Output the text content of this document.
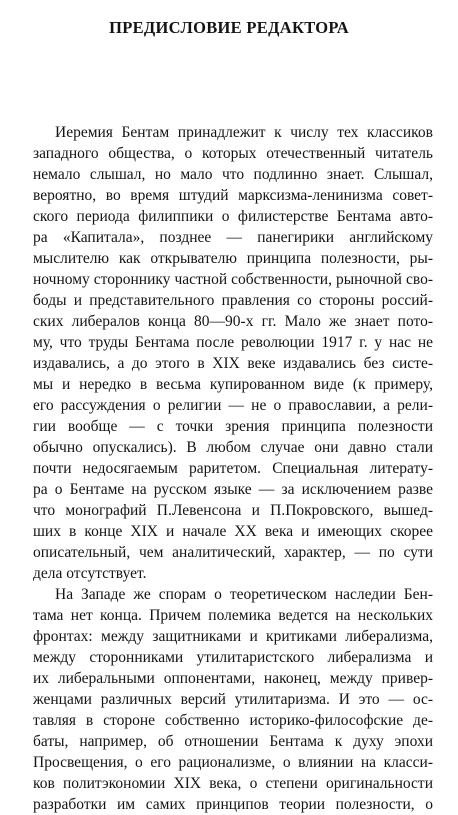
ПРЕДИСЛОВИЕ РЕДАКТОРА
Иеремия Бентам принадлежит к числу тех классиков
западного общества, о которых отечественный читатель
немало слышал, но мало что подлинно знает. Слышал,
вероятно, во время штудий марксизма-ленинизма совет-
ского периода филиппики о филистерстве Бентама авто-
ра «Капитала», позднее — панегирики английскому
мыслителю как открывателю принципа полезности, ры-
ночному стороннику частной собственности, рыночной сво-
боды и представительного правления со стороны россий-
ских либералов конца 80—90-х гг. Мало же знает пото-
му, что труды Бентама после революции 1917 г. у нас не
издавались, а до этого в XIX веке издавались без систе-
мы и нередко в весьма купированном виде (к примеру,
его рассуждения о религии — не о православии, а рели-
гии вообще — с точки зрения принципа полезности
обычно опускались). В любом случае они давно стали
почти недосягаемым раритетом. Специальная литерату-
ра о Бентаме на русском языке — за исключением разве
что монографий П.Левенсона и П.Покровского, вышед-
ших в конце XIX и начале XX века и имеющих скорее
описательный, чем аналитический, характер, — по сути
дела отсутствует.
На Западе же спорам о теоретическом наследии Бен-
тама нет конца. Причем полемика ведется на нескольких
фронтах: между защитниками и критиками либерализма,
между сторонниками утилитаристского либерализма и
их либеральными оппонентами, наконец, между привер-
женцами различных версий утилитаризма. И это — ос-
тавляя в стороне собственно историко-философские де-
баты, например, об отношении Бентама к духу эпохи
Просвещения, о его рационализме, о влиянии на класси-
ков политэкономии XIX века, о степени оригинальности
разработки им самих принципов теории полезности, о
